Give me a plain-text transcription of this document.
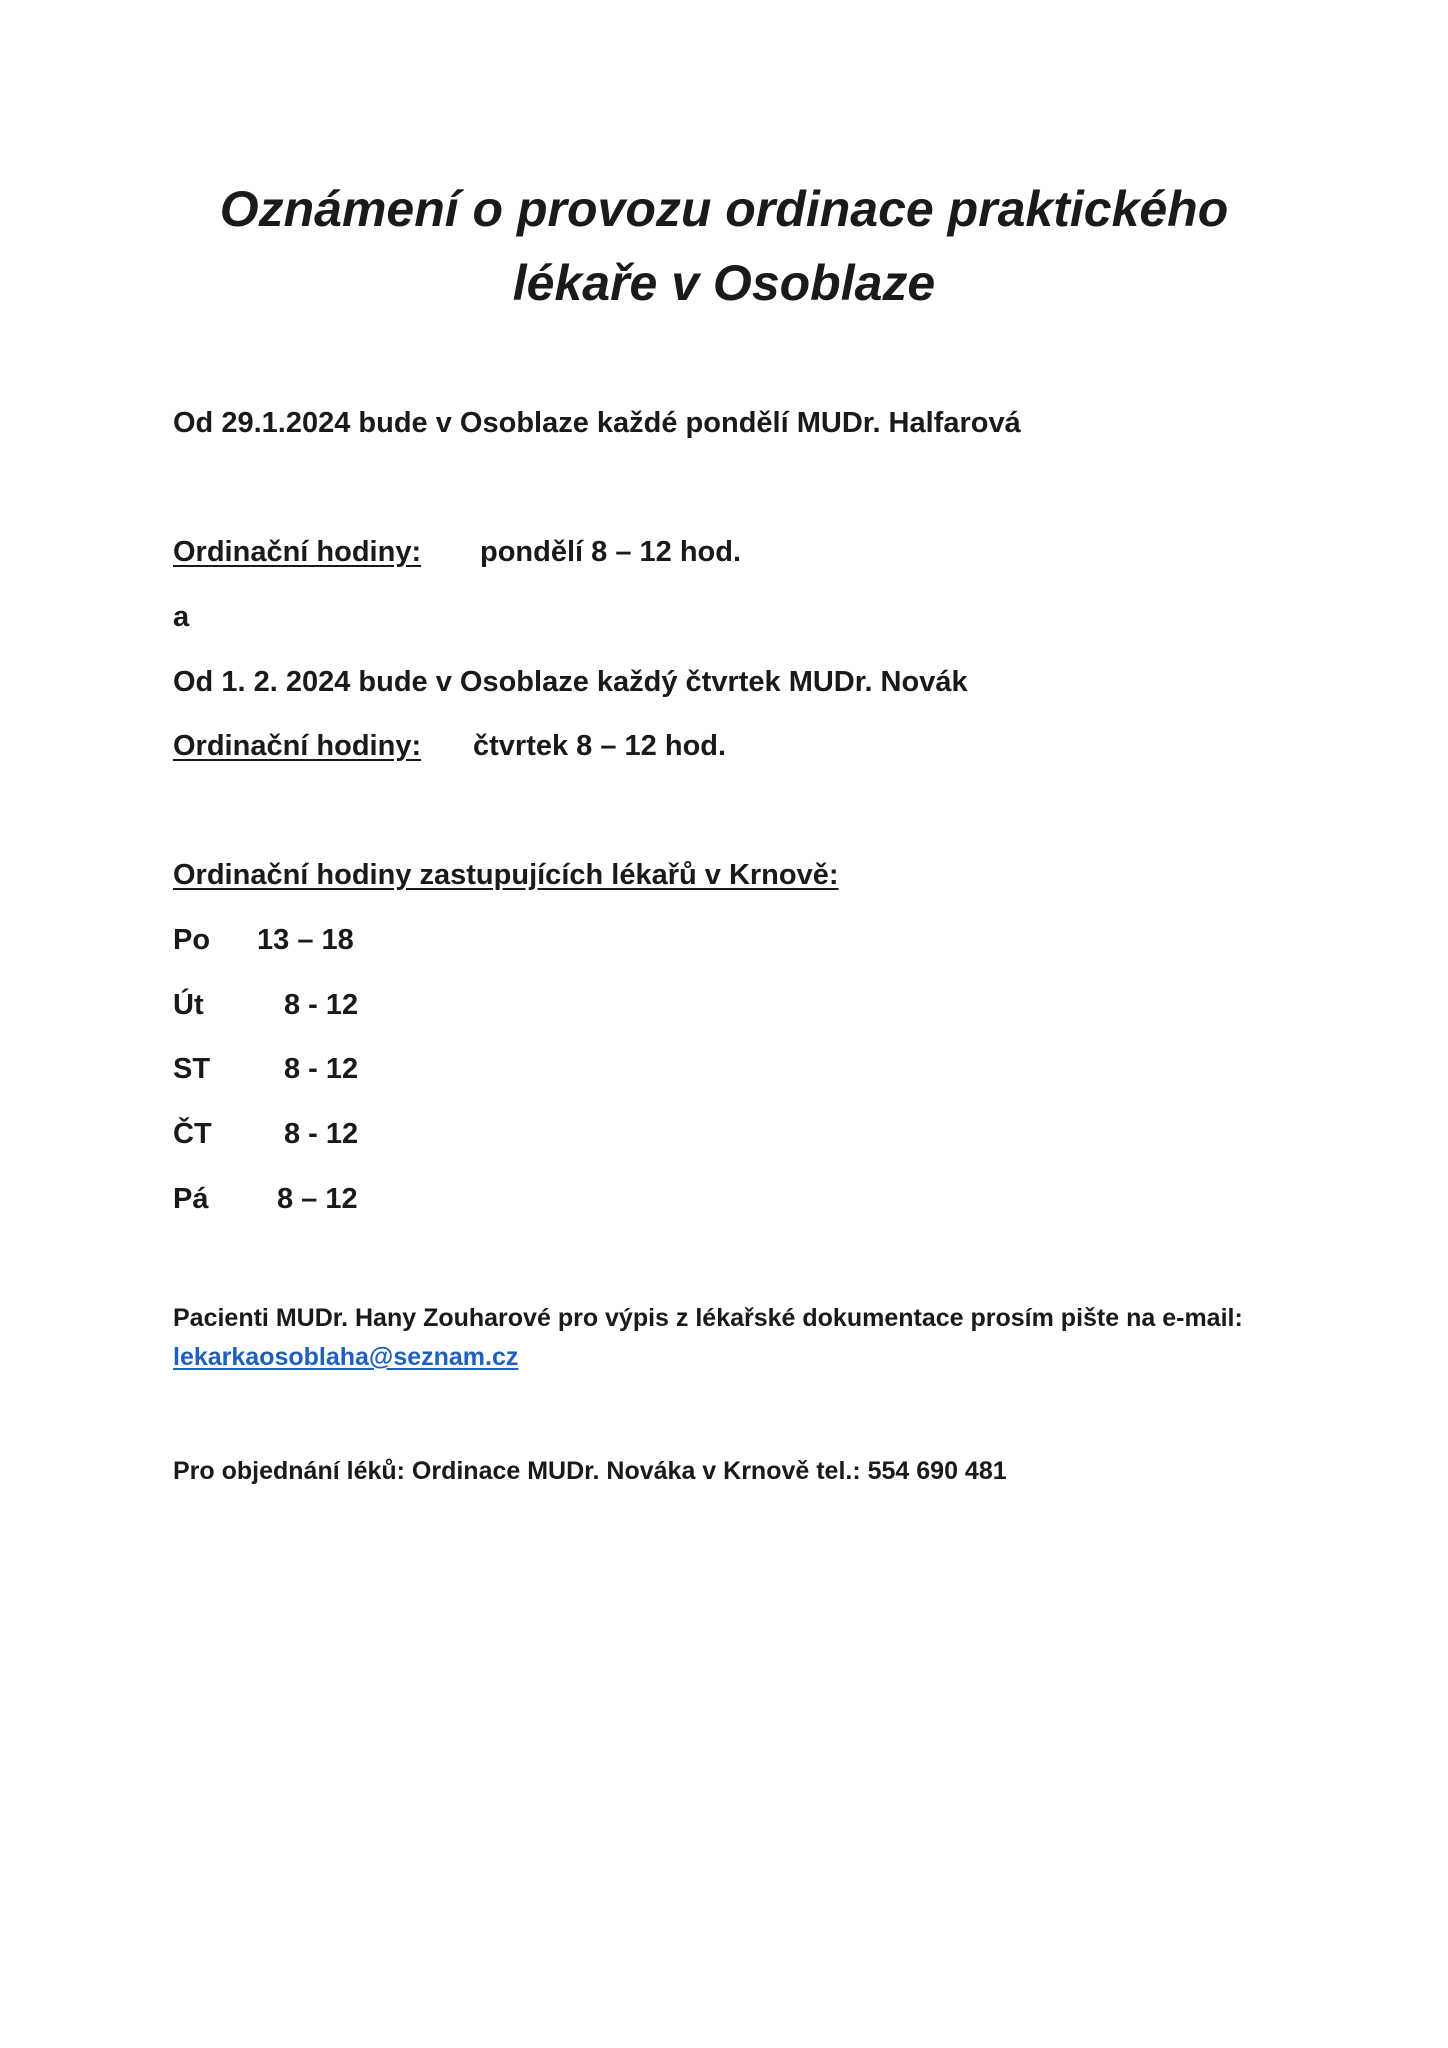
Oznámení o provozu ordinace praktického
lékaře v Osoblaze

Od 29.1.2024 bude v Osoblaze každé pondělí MUDr. Halfarová

Ordinační hodiny: pondělí 8 – 12 hod.

a

Od 1. 2. 2024 bude v Osoblaze každý čtvrtek MUDr. Novák

Ordinační hodiny: čtvrtek 8 – 12 hod.

Ordinační hodiny zastupujících lékařů v Krnově:

Po 13 – 18
Út	8 - 12
ST	8 - 12
ČT 8 - 12
Pá 8 – 12

Pacienti MUDr. Hany Zouharové pro výpis z lékařské dokumentace prosím pište na e-mail:

lekarkaosoblaha@seznam.cz

Pro objednání léků: Ordinace MUDr. Nováka v Krnově tel.: 554 690 481
